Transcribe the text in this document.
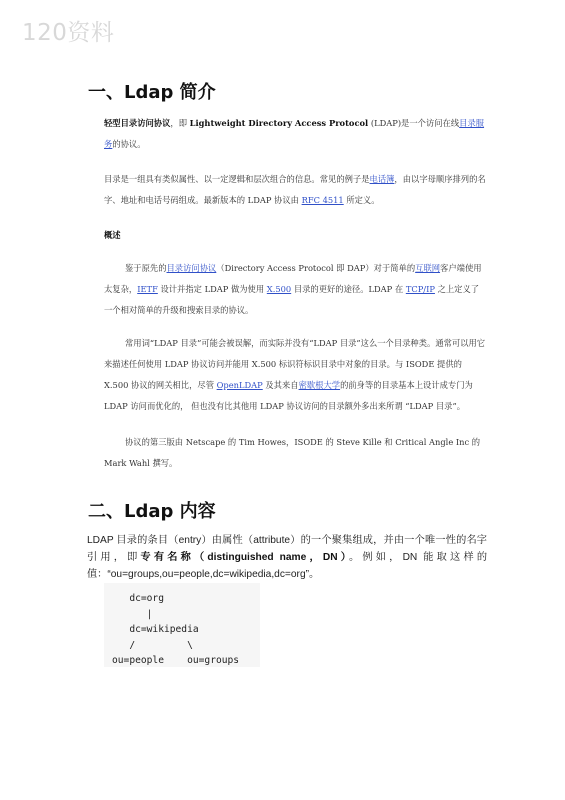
120资料
一、Ldap 简介
轻型目录访问协议，即 Lightweight Directory Access Protocol (LDAP)是一个访问在线目录服务的协议。
目录是一组具有类似属性、以一定逻辑和层次组合的信息。常见的例子是电话簿，由以字母顺序排列的名字、地址和电话号码组成。最新版本的 LDAP 协议由 RFC 4511 所定义。
概述
鉴于原先的目录访问协议（Directory Access Protocol 即 DAP）对于简单的互联网客户端使用太复杂，IETF 设计并指定 LDAP 做为使用 X.500 目录的更好的途径。LDAP 在 TCP/IP 之上定义了一个相对简单的升级和搜索目录的协议。
常用词“LDAP 目录”可能会被误解，而实际并没有“LDAP 目录”这么一个目录种类。通常可以用它来描述任何使用 LDAP 协议访问并能用 X.500 标识符标识目录中对象的目录。与 ISODE 提供的 X.500 协议的网关相比，尽管 OpenLDAP 及其来自密歇根大学的前身等的目录基本上设计成专门为 LDAP 访问而优化的， 但也没有比其他用 LDAP 协议访问的目录额外多出来所谓 “LDAP 目录”。
协议的第三版由 Netscape 的 Tim Howes，ISODE 的 Steve Kille 和 Critical Angle Inc 的 Mark Wahl 撰写。
二、Ldap 内容
LDAP 目录的条目（entry）由属性（attribute）的一个聚集组成，并由一个唯一性的名字引用，即专有名称（distinguished name，DN）。例如，DN 能取这样的值：“ou=groups,ou=people,dc=wikipedia,dc=org”。
dc=org
|
dc=wikipedia
/         \
ou=people    ou=groups
